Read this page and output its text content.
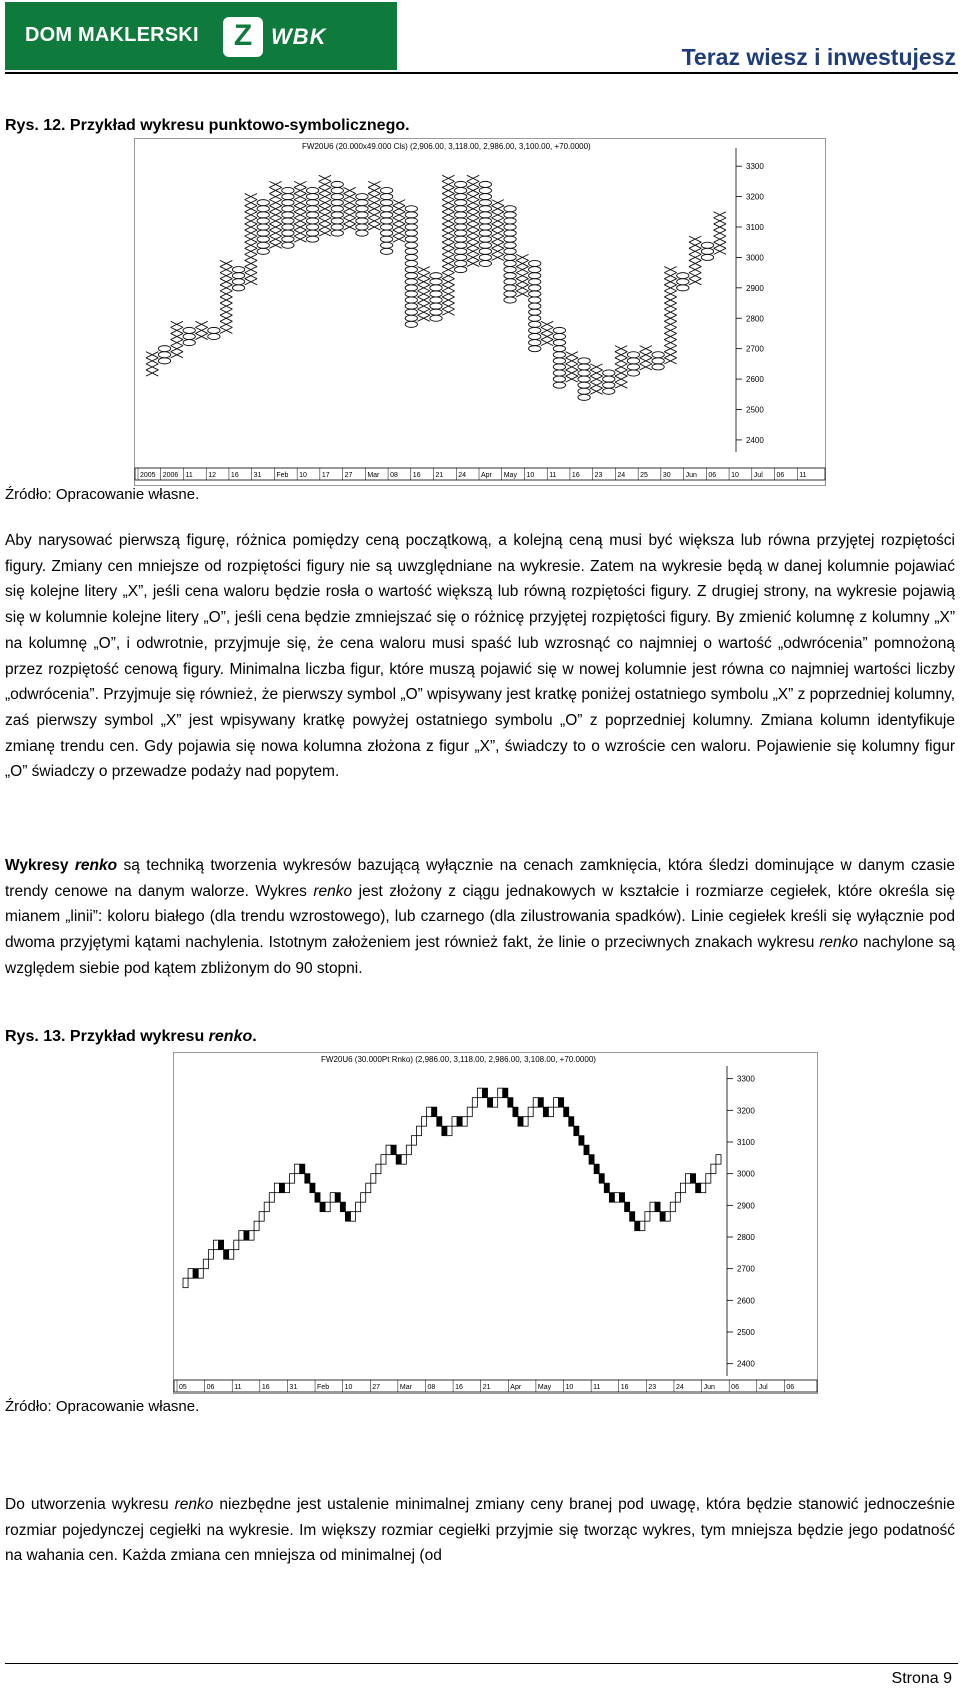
DOM MAKLERSKI	Z WBK
Teraz wiesz i inwestujesz
Rys. 12. Przykład wykresu punktowo-symbolicznego.
FW20U6 (20.000x49.000 Cls) (2,906.00, 3,118.00, 2,986.00, 3,100.00, +70.0000)
3300
3200
3100
3000
2900
2800
2700
2600
2500
2400
2005 2006 11 12 16 31 Feb 10 17 27 Mar 08 16 21 24 Apr May 10 11 16 23 24 25 30 Jun 06 10 Jul 06 11
Źródło: Opracowanie własne.

Aby narysować pierwszą figurę, różnica pomiędzy ceną początkową, a kolejną ceną musi być większa lub równa przyjętej rozpiętości figury. Zmiany cen mniejsze od rozpiętości figury nie są uwzględniane na wykresie. Zatem na wykresie będą w danej kolumnie pojawiać się kolejne litery „X”, jeśli cena waloru będzie rosła o wartość większą lub równą rozpiętości figury. Z drugiej strony, na wykresie pojawią się w kolumnie kolejne litery „O”, jeśli cena będzie zmniejszać się o różnicę przyjętej rozpiętości figury. By zmienić kolumnę z kolumny „X” na kolumnę „O”, i odwrotnie, przyjmuje się, że cena waloru musi spaść lub wzrosnąć co najmniej o wartość „odwrócenia” pomnożoną przez rozpiętość cenową figury. Minimalna liczba figur, które muszą pojawić się w nowej kolumnie jest równa co najmniej wartości liczby „odwrócenia”. Przyjmuje się również, że pierwszy symbol „O” wpisywany jest kratkę poniżej ostatniego symbolu „X” z poprzedniej kolumny, zaś pierwszy symbol „X” jest wpisywany kratkę powyżej ostatniego symbolu „O” z poprzedniej kolumny. Zmiana kolumn identyfikuje zmianę trendu cen. Gdy pojawia się nowa kolumna złożona z figur „X”, świadczy to o wzroście cen waloru. Pojawienie się kolumny figur „O” świadczy o przewadze podaży nad popytem.

Wykresy renko są techniką tworzenia wykresów bazującą wyłącznie na cenach zamknięcia, która śledzi dominujące w danym czasie trendy cenowe na danym walorze. Wykres renko jest złożony z ciągu jednakowych w kształcie i rozmiarze cegiełek, które określa się mianem „linii”: koloru białego (dla trendu wzrostowego), lub czarnego (dla zilustrowania spadków). Linie cegiełek kreśli się wyłącznie pod dwoma przyjętymi kątami nachylenia. Istotnym założeniem jest również fakt, że linie o przeciwnych znakach wykresu renko nachylone są względem siebie pod kątem zbliżonym do 90 stopni.

Rys. 13. Przykład wykresu renko.
FW20U6 (30.000Pt Rnko) (2,986.00, 3,118.00, 2,986.00, 3,108.00, +70.0000)
3300
3200
3100
3000
2900
2800
2700
2600
2500
2400
05	06	11	16	31	Feb 10	27	Mar 08	16	21	Apr May 10	11	16	23	24	Jun 06	Jul	06
Źródło: Opracowanie własne.

Do utworzenia wykresu renko niezbędne jest ustalenie minimalnej zmiany ceny branej pod uwagę, która będzie stanowić jednocześnie rozmiar pojedynczej cegiełki na wykresie. Im większy rozmiar cegiełki przyjmie się tworząc wykres, tym mniejsza będzie jego podatność na wahania cen. Każda zmiana cen mniejsza od minimalnej (od

Strona 9
